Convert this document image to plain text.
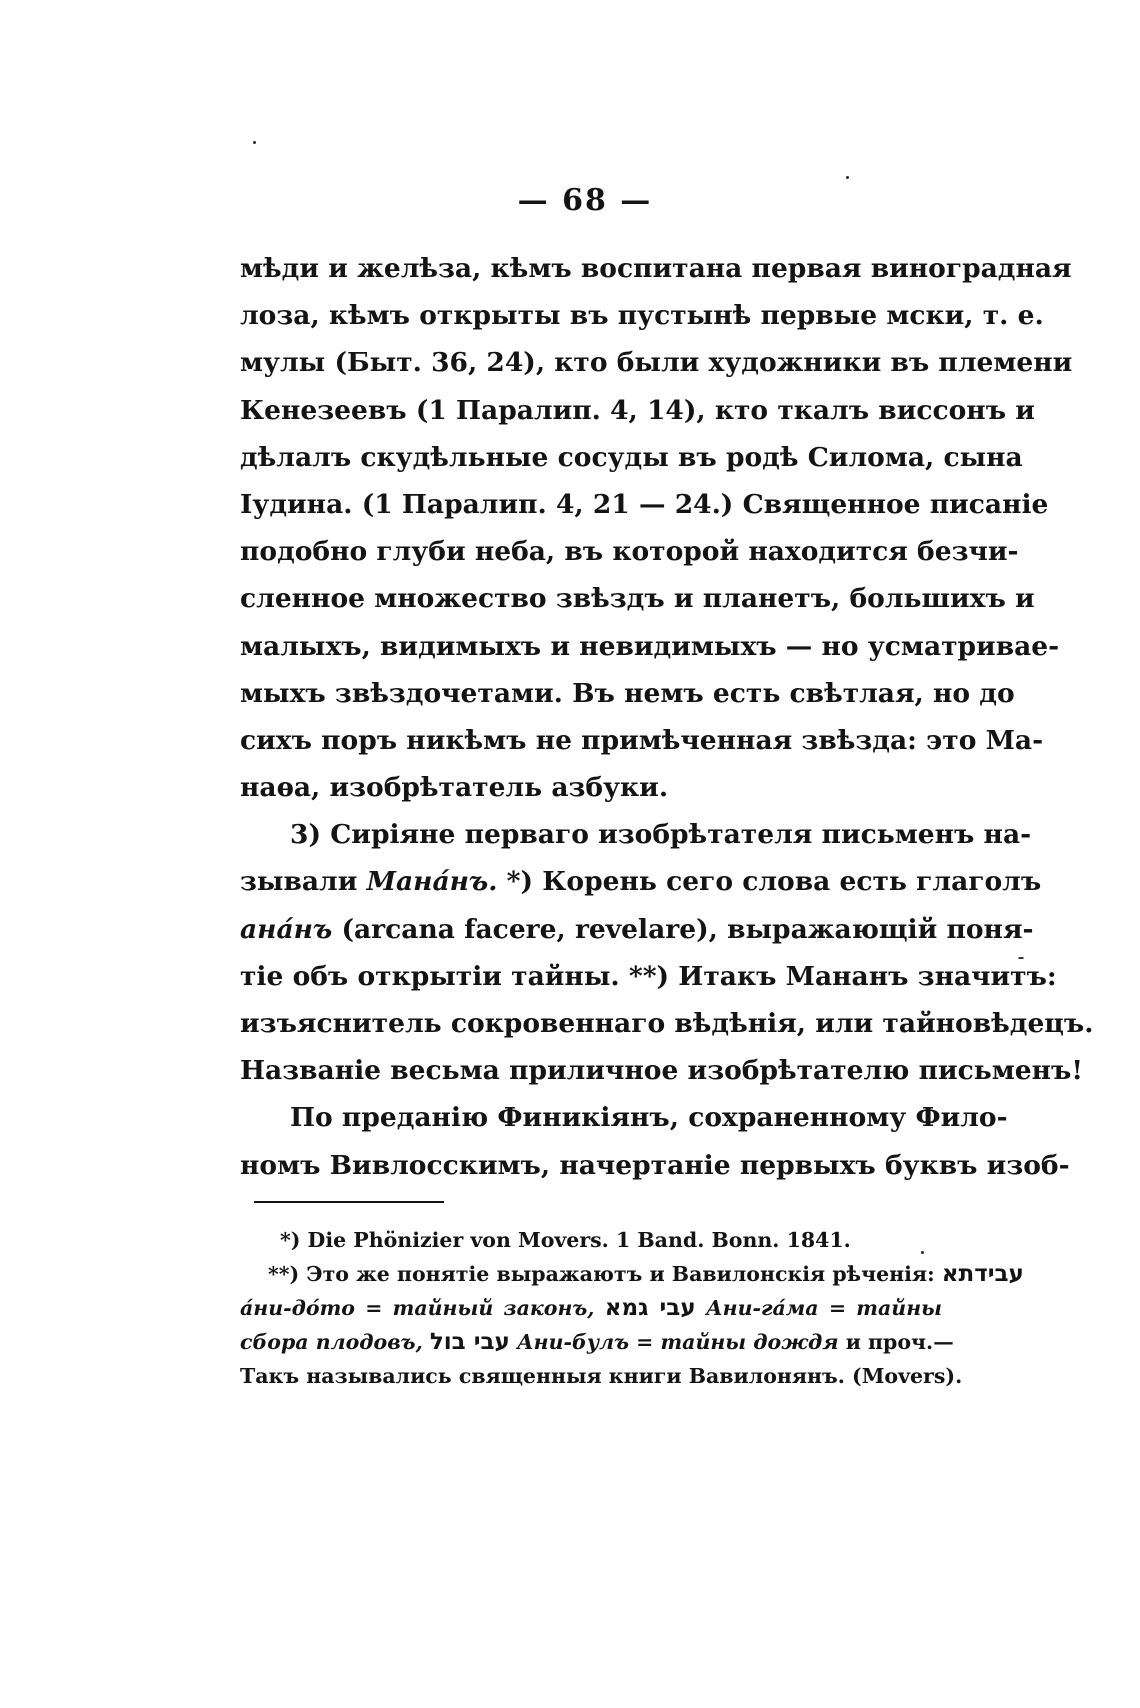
— 68 —
мѣди и желѣза, кѣмъ воспитана первая виноградная
лоза, кѣмъ открыты въ пустынѣ первые мски, т. е.
мулы (Быт. 36, 24), кто были художники въ племени
Кенезеевъ (1 Паралип. 4, 14), кто ткалъ виссонъ и
дѣлалъ скудѣльные сосуды въ родѣ Силома, сына
Іудина. (1 Паралип. 4, 21 — 24.) Священное писаніе
подобно глуби неба, въ которой находится безчи-
сленное множество звѣздъ и планетъ, большихъ и
малыхъ, видимыхъ и невидимыхъ — но усматривае-
мыхъ звѣздочетами. Въ немъ есть свѣтлая, но до
сихъ поръ никѣмъ не примѣченная звѣзда: это Ма-
наѳа, изобрѣтатель азбуки.
3) Сиріяне перваго изобрѣтателя письменъ на-
зывали Мана́нъ. *) Корень сего слова есть глаголъ
ана́нъ (arcana facere, revelare), выражающій поня-
тіе объ открытіи тайны. **) Итакъ Мананъ значитъ:
изъяснитель сокровеннаго вѣдѣнія, или тайновѣдецъ.
Названіе весьма приличное изобрѣтателю письменъ!
По преданію Финикіянъ, сохраненному Фило-
номъ Вивлосскимъ, начертаніе первыхъ буквъ изоб-
*) Die Phönizier von Movers. 1 Band. Bonn. 1841.
**) Это же понятіе выражаютъ и Вавилонскія рѣченія: עבידתא
а́ни-до́то = тайный законъ, עבי גמא Ани-га́ма = тайны
сбора плодовъ, עבי בול Ани-булъ = тайны дождя и проч.—
Такъ назывались священныя книги Вавилонянъ. (Movers).
